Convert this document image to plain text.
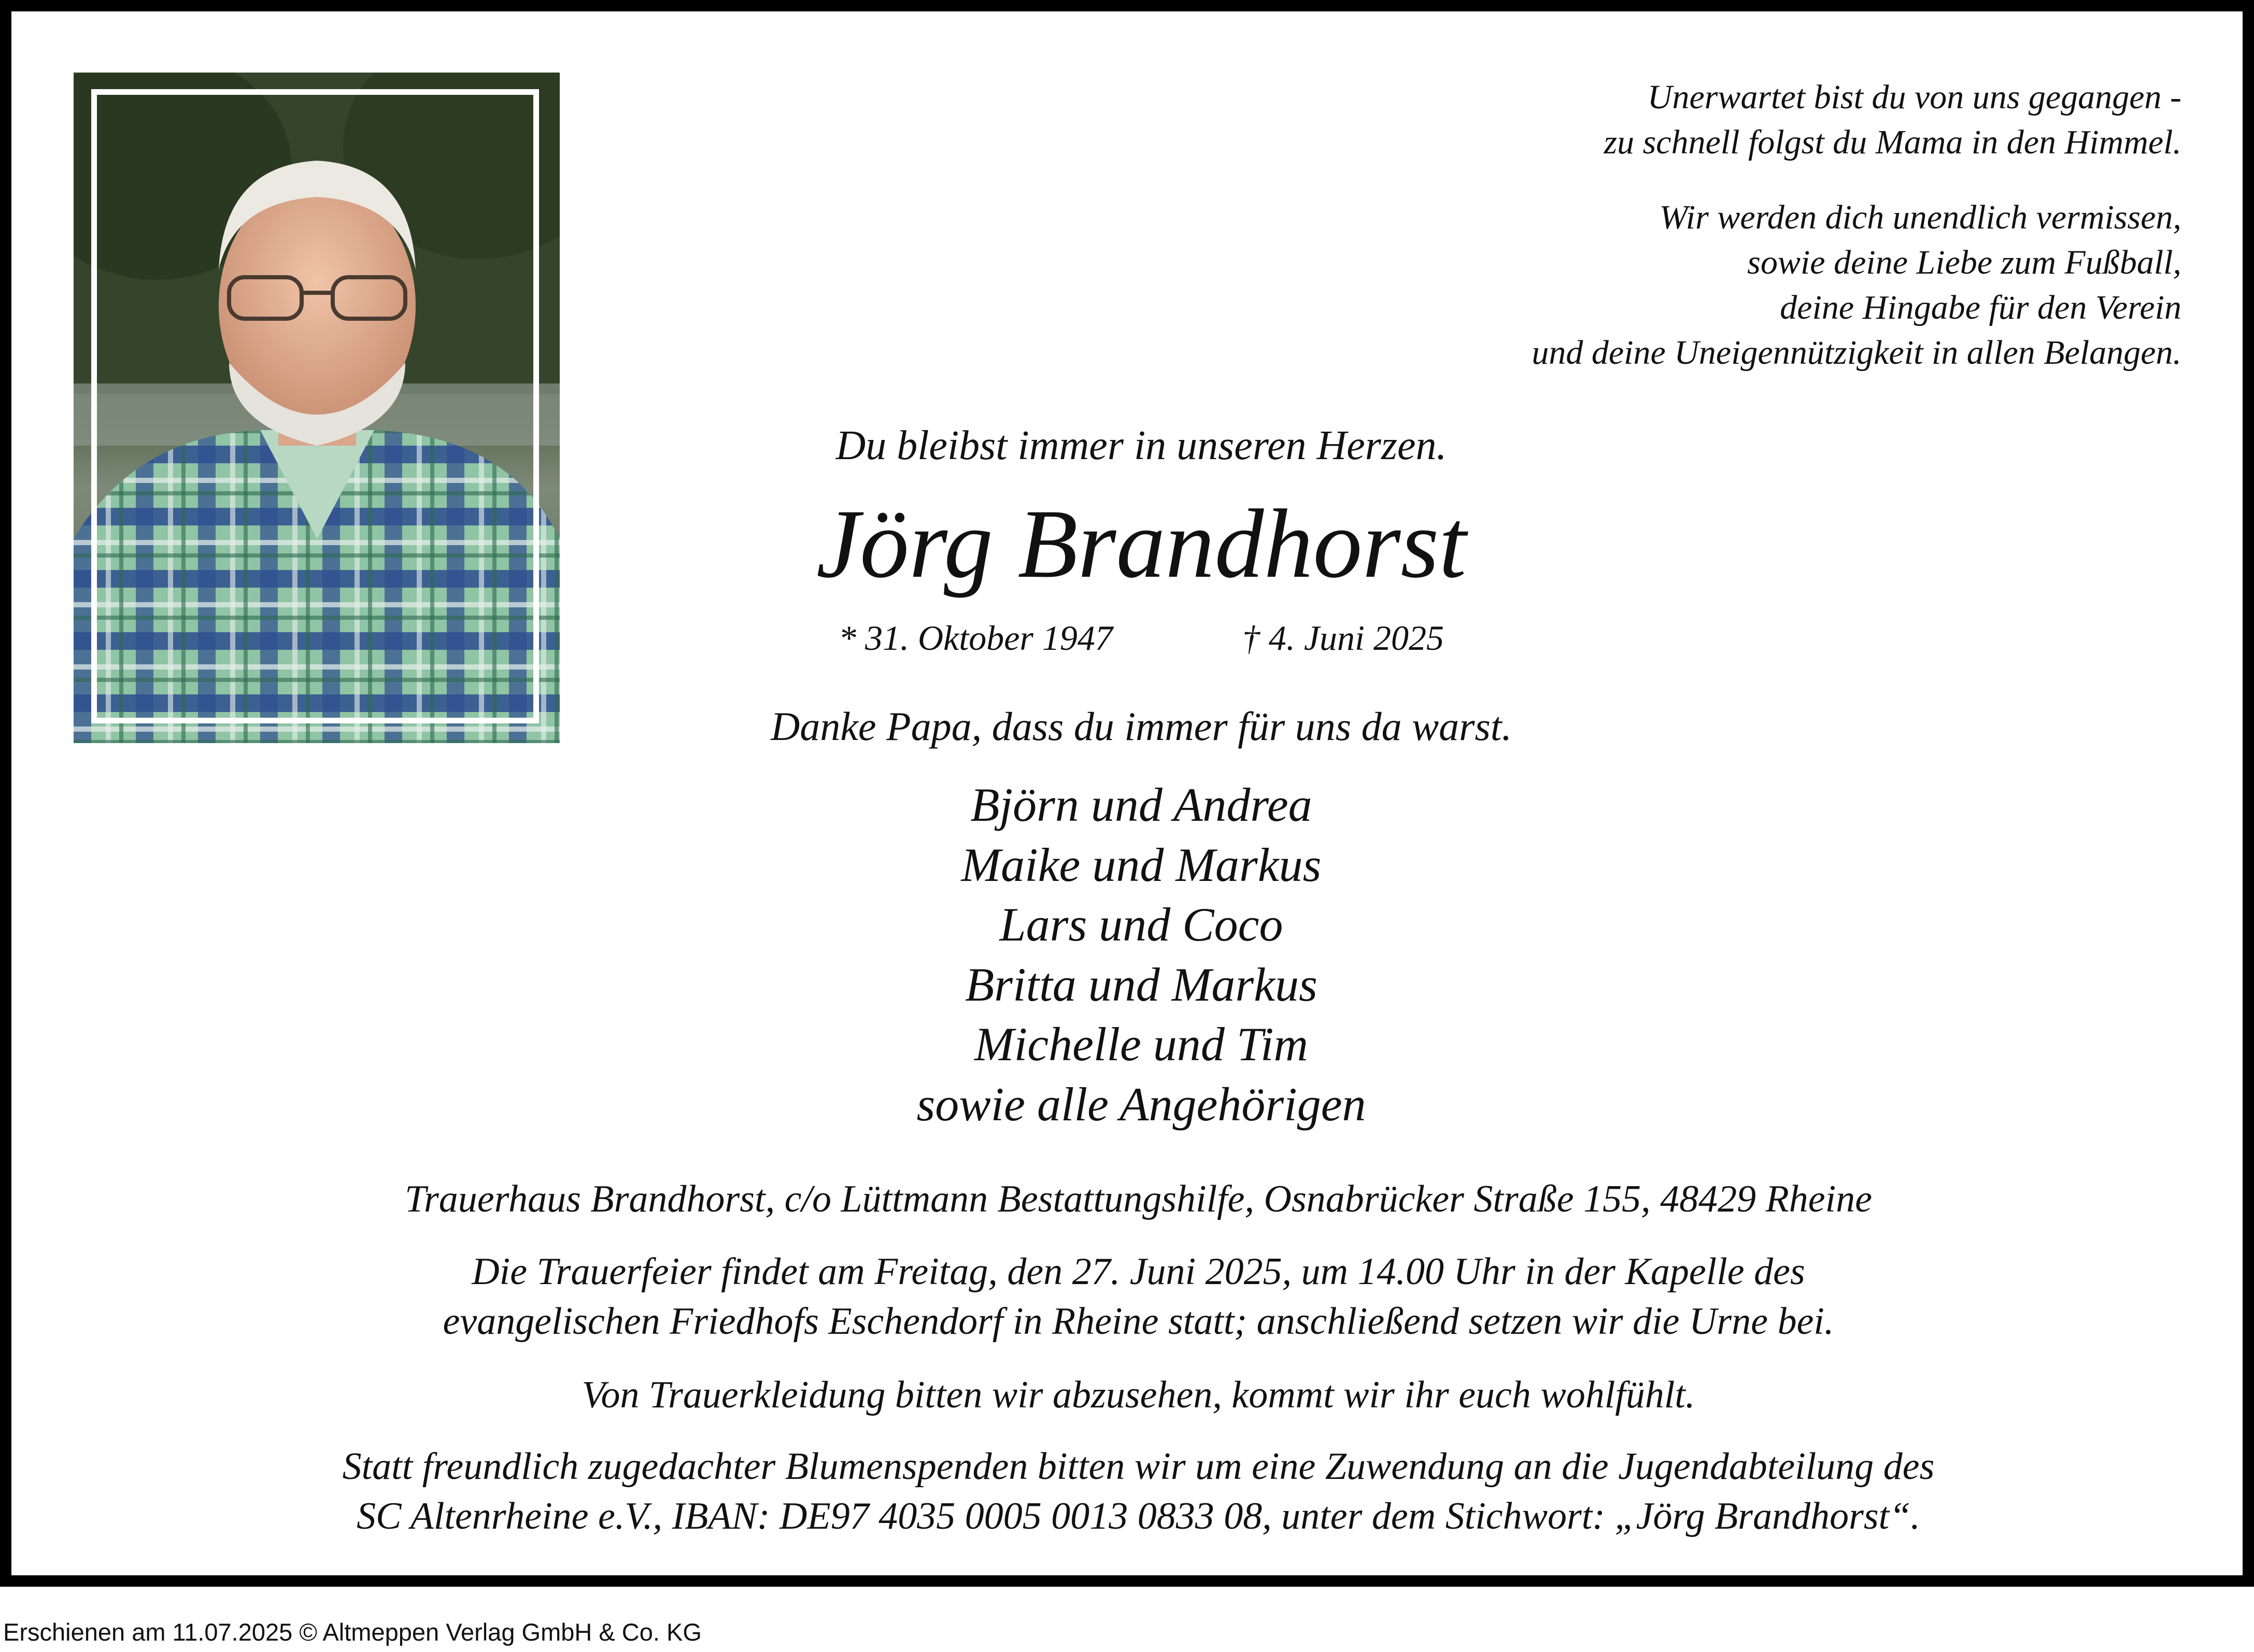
Unerwartet bist du von uns gegangen -
zu schnell folgst du Mama in den Himmel.
Wir werden dich unendlich vermissen,
sowie deine Liebe zum Fußball,
deine Hingabe für den Verein
und deine Uneigennützigkeit in allen Belangen.
Du bleibst immer in unseren Herzen.
Jörg Brandhorst
* 31. Oktober 1947	† 4. Juni 2025
Danke Papa, dass du immer für uns da warst.
Björn und Andrea
Maike und Markus
Lars und Coco
Britta und Markus
Michelle und Tim
sowie alle Angehörigen
Trauerhaus Brandhorst, c/o Lüttmann Bestattungshilfe, Osnabrücker Straße 155, 48429 Rheine
Die Trauerfeier findet am Freitag, den 27. Juni 2025, um 14.00 Uhr in der Kapelle des
evangelischen Friedhofs Eschendorf in Rheine statt; anschließend setzen wir die Urne bei.
Von Trauerkleidung bitten wir abzusehen, kommt wir ihr euch wohlfühlt.
Statt freundlich zugedachter Blumenspenden bitten wir um eine Zuwendung an die Jugendabteilung des
SC Altenrheine e.V., IBAN: DE97 4035 0005 0013 0833 08, unter dem Stichwort: „Jörg Brandhorst“.
Erschienen am 11.07.2025 © Altmeppen Verlag GmbH & Co. KG
